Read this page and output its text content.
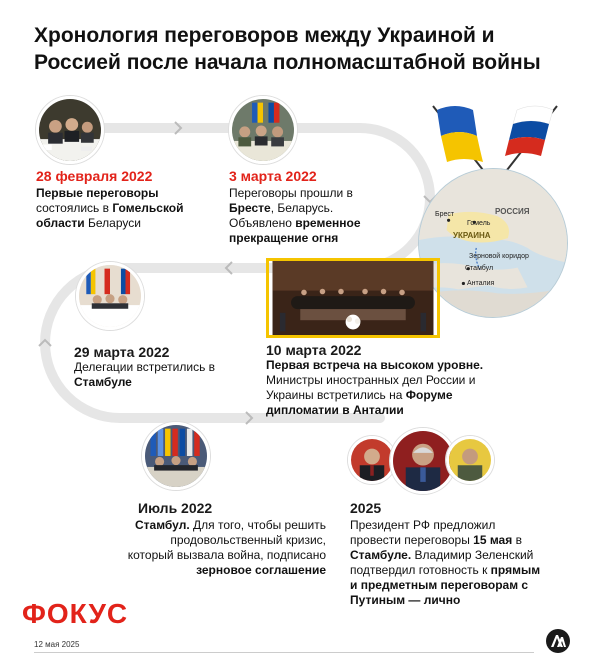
Хронология переговоров между Украиной и Россией после начала полномасштабной войны
28 февраля 2022
Первые переговоры состоялись в Гомельской области Беларуси
3 марта 2022
Переговоры прошли в Бресте, Беларусь. Объявлено временное прекращение огня
РОССИЯ
Брест
Гомель
УКРАИНА
Зерновой коридор
Стамбул
Анталия
29 марта 2022
Делегации встретились в Стамбуле
10 марта 2022
Первая встреча на высоком уровне. Министры иностранных дел России и Украины встретились на Форуме дипломатии в Анталии
Июль 2022
Стамбул. Для того, чтобы решить продовольственный кризис, который вызвала война, подписано зерновое соглашение
2025
Президент РФ предложил провести переговоры 15 мая в Стамбуле. Владимир Зеленский подтвердил готовность к прямым и предметным переговорам с Путиным — лично
ФОКУС
12 мая 2025
